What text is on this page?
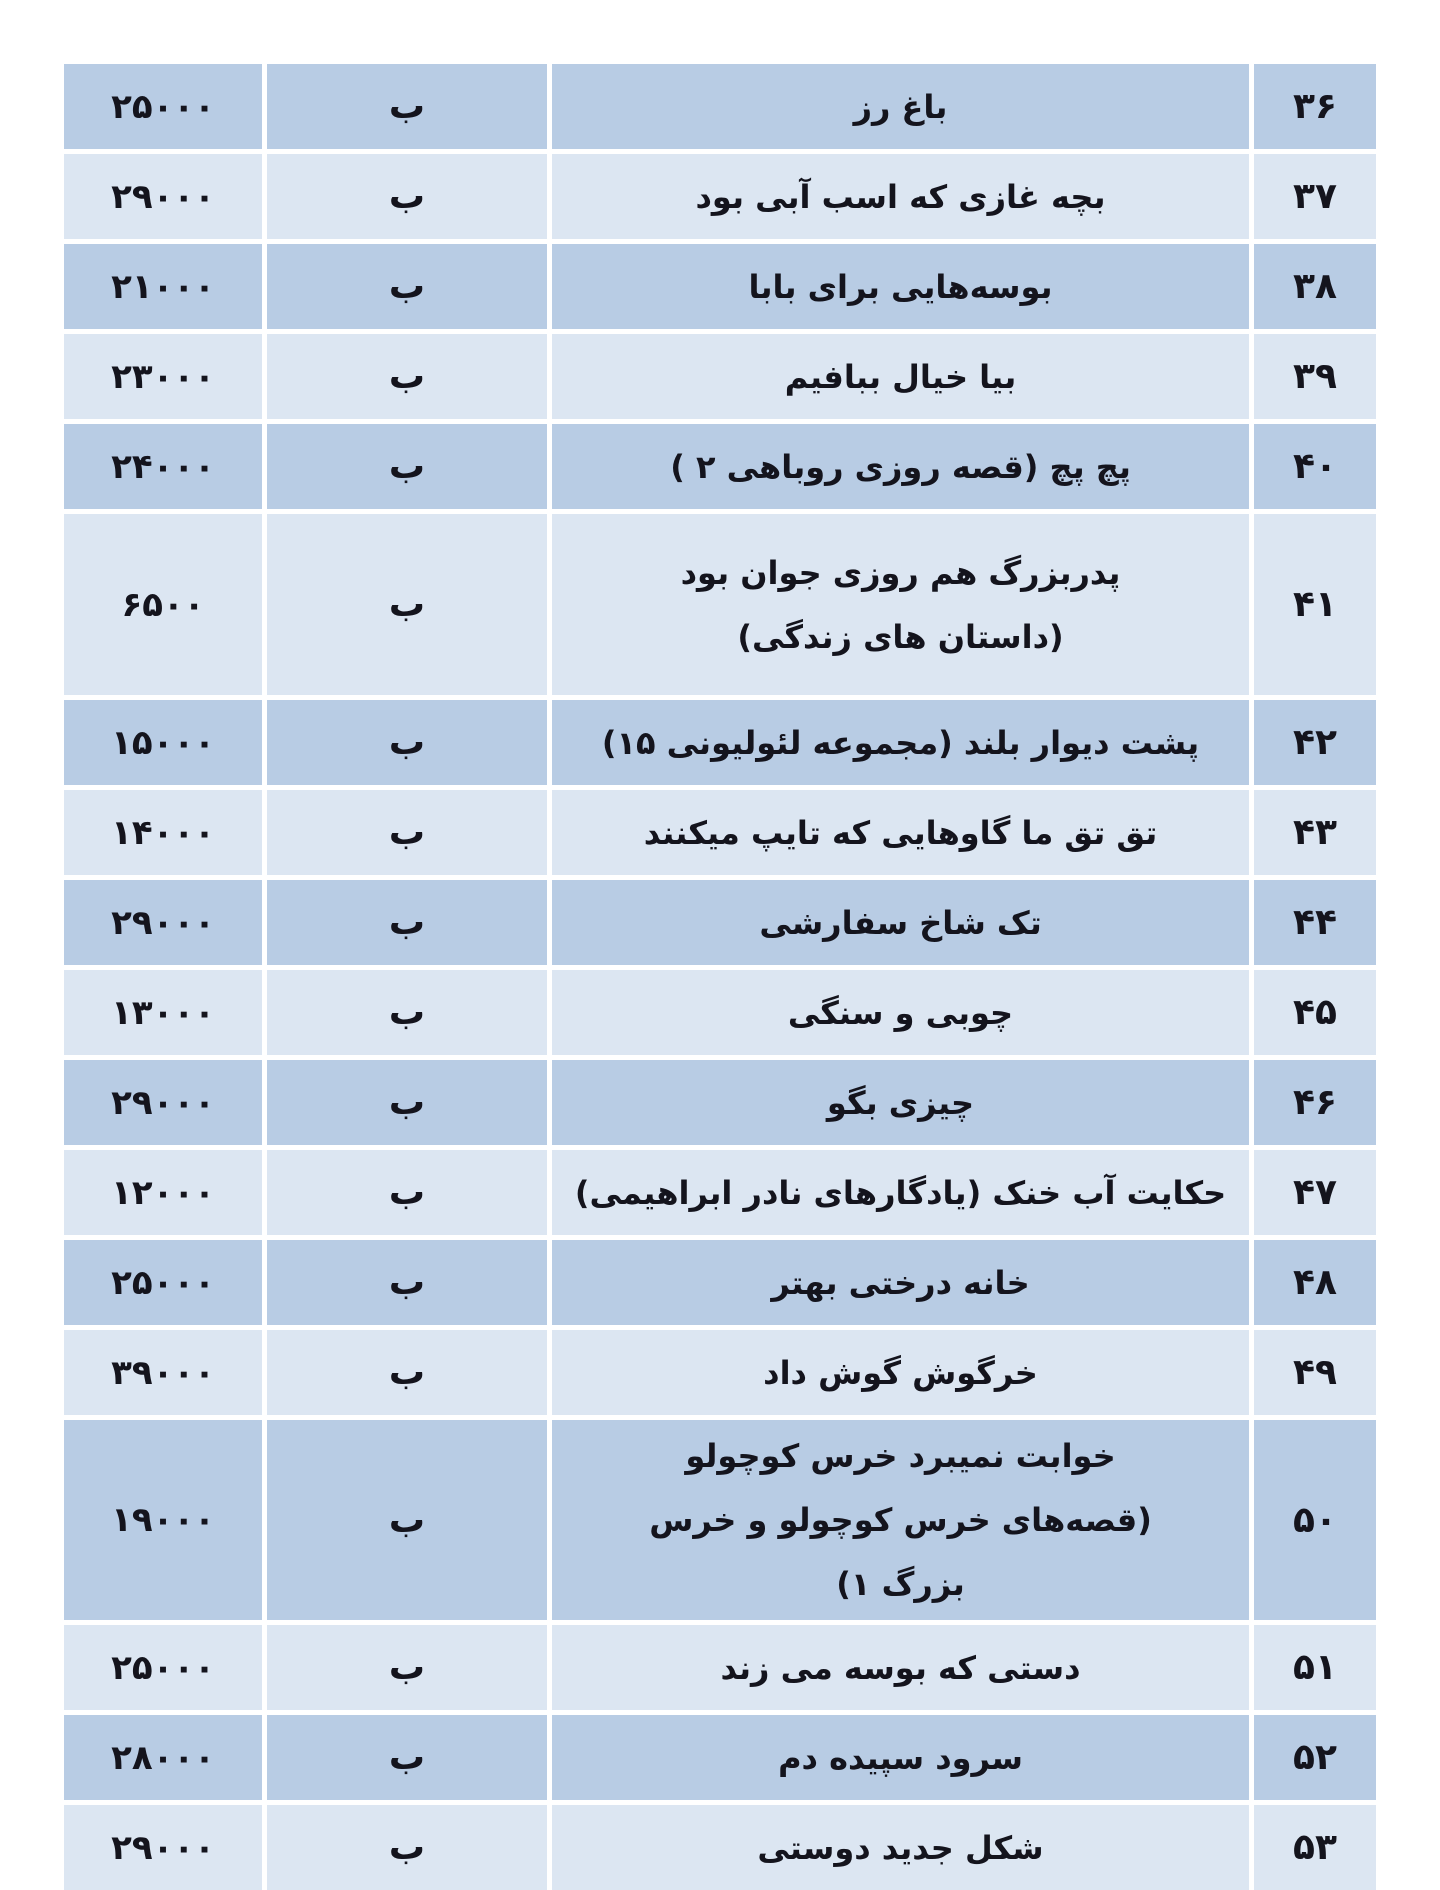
۳۶
باغ رز
ب
۲۵۰۰۰
۳۷
بچه غازی که اسب آبی بود
ب
۲۹۰۰۰
۳۸
بوسه‌هایی برای بابا
ب
۲۱۰۰۰
۳۹
بیا خیال ببافیم
ب
۲۳۰۰۰
۴۰
پچ پچ (قصه روزی روباهی ۲ )
ب
۲۴۰۰۰
۴۱
پدربزرگ هم روزی جوان بود (داستان های زندگی)
ب
۶۵۰۰
۴۲
پشت دیوار بلند (مجموعه لئولیونی ۱۵)
ب
۱۵۰۰۰
۴۳
تق تق ما گاوهایی که تایپ میکنند
ب
۱۴۰۰۰
۴۴
تک شاخ سفارشی
ب
۲۹۰۰۰
۴۵
چوبی و سنگی
ب
۱۳۰۰۰
۴۶
چیزی بگو
ب
۲۹۰۰۰
۴۷
حکایت آب خنک (یادگارهای نادر ابراهیمی)
ب
۱۲۰۰۰
۴۸
خانه درختی بهتر
ب
۲۵۰۰۰
۴۹
خرگوش گوش داد
ب
۳۹۰۰۰
۵۰
خوابت نمیبرد خرس کوچولو (قصه‌های خرس کوچولو و خرس بزرگ ۱)
ب
۱۹۰۰۰
۵۱
دستی که بوسه می زند
ب
۲۵۰۰۰
۵۲
سرود سپیده دم
ب
۲۸۰۰۰
۵۳
شکل جدید دوستی
ب
۲۹۰۰۰
